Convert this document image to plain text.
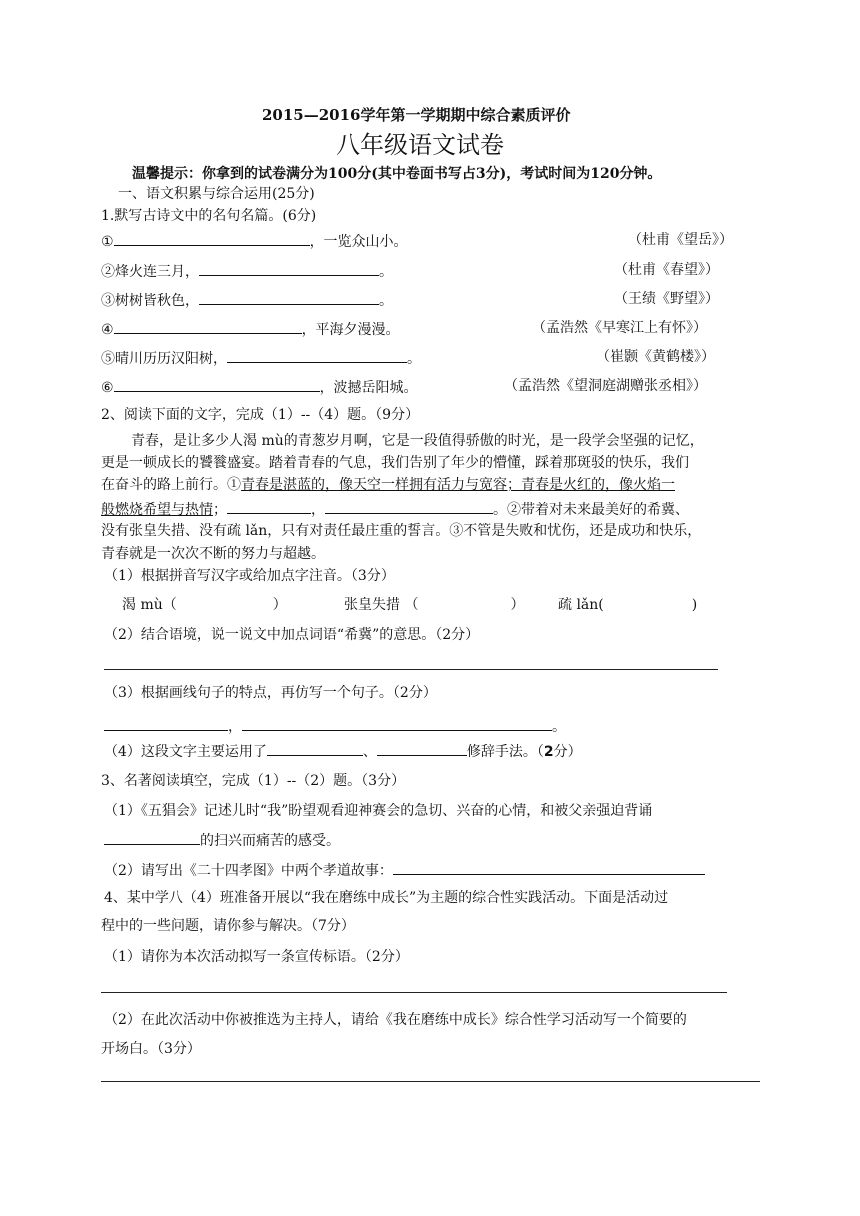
2015—2016学年第一学期期中综合素质评价
八年级语文试卷
温馨提示：你拿到的试卷满分为100分(其中卷面书写占3分)，考试时间为120分钟。
一、语文积累与综合运用(25分)
1.默写古诗文中的名句名篇。(6分)
①	，一览众山小。	（杜甫《望岳》）
②烽火连三月，	。	（杜甫《春望》）
③树树皆秋色，	。	（王绩《野望》）
④	，平海夕漫漫。	（孟浩然《早寒江上有怀》）
⑤晴川历历汉阳树，	。	（崔颢《黄鹤楼》）
⑥	，波撼岳阳城。	（孟浩然《望洞庭湖赠张丞相》）
2、阅读下面的文字，完成（1）--（4）题。（9分）
青春，是让多少人渴 mù的青葱岁月啊，它是一段值得骄傲的时光，是一段学会坚强的记忆，
更是一顿成长的饕餮盛宴。踏着青春的气息，我们告别了年少的懵懂，踩着那斑驳的快乐，我们
在奋斗的路上前行。①青春是湛蓝的，像天空一样拥有活力与宽容；青春是火红的，像火焰一
般燃烧希望与热情；	，	。②带着对未来最美好的希冀、
没有张皇失措、没有疏 lǎn，只有对责任最庄重的誓言。③不管是失败和忧伤，还是成功和快乐，
青春就是一次次不断的努力与超越。
（1）根据拼音写汉字或给加点字注音。（3分）
渴 mù（	）	张皇失措 （	） 疏 lǎn(	)
（2）结合语境，说一说文中加点词语“希冀”的意思。（2分）
（3）根据画线句子的特点，再仿写一个句子。（2分）
，	。
（4）这段文字主要运用了	、	修辞手法。（2分）
3、名著阅读填空，完成（1）--（2）题。（3分）
（1）《五猖会》记述儿时“我”盼望观看迎神赛会的急切、兴奋的心情，和被父亲强迫背诵
的扫兴而痛苦的感受。
（2）请写出《二十四孝图》中两个孝道故事：
4、某中学八（4）班准备开展以“我在磨练中成长”为主题的综合性实践活动。下面是活动过
程中的一些问题，请你参与解决。（7分）
（1）请你为本次活动拟写一条宣传标语。（2分）
（2）在此次活动中你被推选为主持人，请给《我在磨练中成长》综合性学习活动写一个简要的
开场白。（3分）
